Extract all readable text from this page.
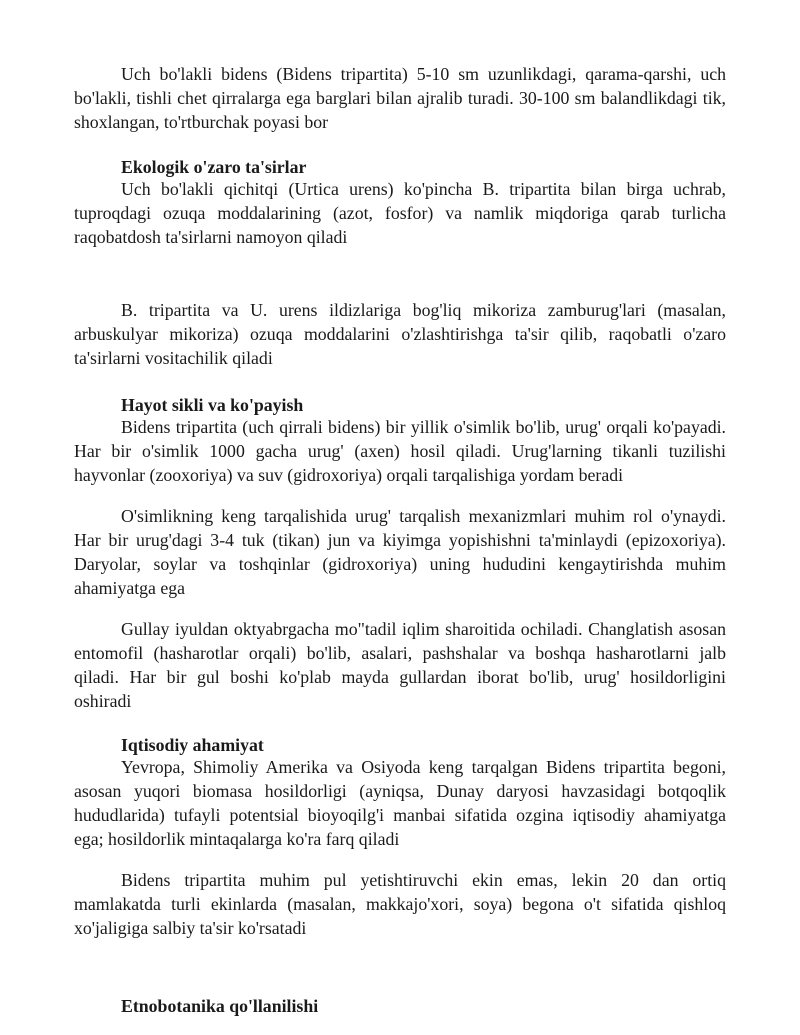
Uch bo'lakli bidens (Bidens tripartita) 5-10 sm uzunlikdagi, qarama-qarshi, uch
bo'lakli, tishli chet qirralarga ega barglari bilan ajralib turadi. 30-100 sm balandlikdagi tik,
shoxlangan, to'rtburchak poyasi bor
Ekologik o'zaro ta'sirlar
Uch bo'lakli qichitqi (Urtica urens) ko'pincha B. tripartita bilan birga uchrab,
tuproqdagi ozuqa moddalarining (azot, fosfor) va namlik miqdoriga qarab turlicha
raqobatdosh ta'sirlarni namoyon qiladi
B. tripartita va U. urens ildizlariga bog'liq mikoriza zamburug'lari (masalan,
arbuskulyar mikoriza) ozuqa moddalarini o'zlashtirishga ta'sir qilib, raqobatli o'zaro
ta'sirlarni vositachilik qiladi
Hayot sikli va ko'payish
Bidens tripartita (uch qirrali bidens) bir yillik o'simlik bo'lib, urug' orqali ko'payadi.
Har bir o'simlik 1000 gacha urug' (axen) hosil qiladi. Urug'larning tikanli tuzilishi
hayvonlar (zooxoriya) va suv (gidroxoriya) orqali tarqalishiga yordam beradi
O'simlikning keng tarqalishida urug' tarqalish mexanizmlari muhim rol o'ynaydi.
Har bir urug'dagi 3-4 tuk (tikan) jun va kiyimga yopishishni ta'minlaydi (epizoxoriya).
Daryolar, soylar va toshqinlar (gidroxoriya) uning hududini kengaytirishda muhim
ahamiyatga ega
Gullay iyuldan oktyabrgacha mo"tadil iqlim sharoitida ochiladi. Changlatish asosan
entomofil (hasharotlar orqali) bo'lib, asalari, pashshalar va boshqa hasharotlarni jalb
qiladi. Har bir gul boshi ko'plab mayda gullardan iborat bo'lib, urug' hosildorligini
oshiradi
Iqtisodiy ahamiyat
Yevropa, Shimoliy Amerika va Osiyoda keng tarqalgan Bidens tripartita begoni,
asosan yuqori biomasa hosildorligi (ayniqsa, Dunay daryosi havzasidagi botqoqlik
hududlarida) tufayli potentsial bioyoqilg'i manbai sifatida ozgina iqtisodiy ahamiyatga
ega; hosildorlik mintaqalarga ko'ra farq qiladi
Bidens tripartita muhim pul yetishtiruvchi ekin emas, lekin 20 dan ortiq
mamlakatda turli ekinlarda (masalan, makkajo'xori, soya) begona o't sifatida qishloq
xo'jaligiga salbiy ta'sir ko'rsatadi
Etnobotanika qo'llanilishi
